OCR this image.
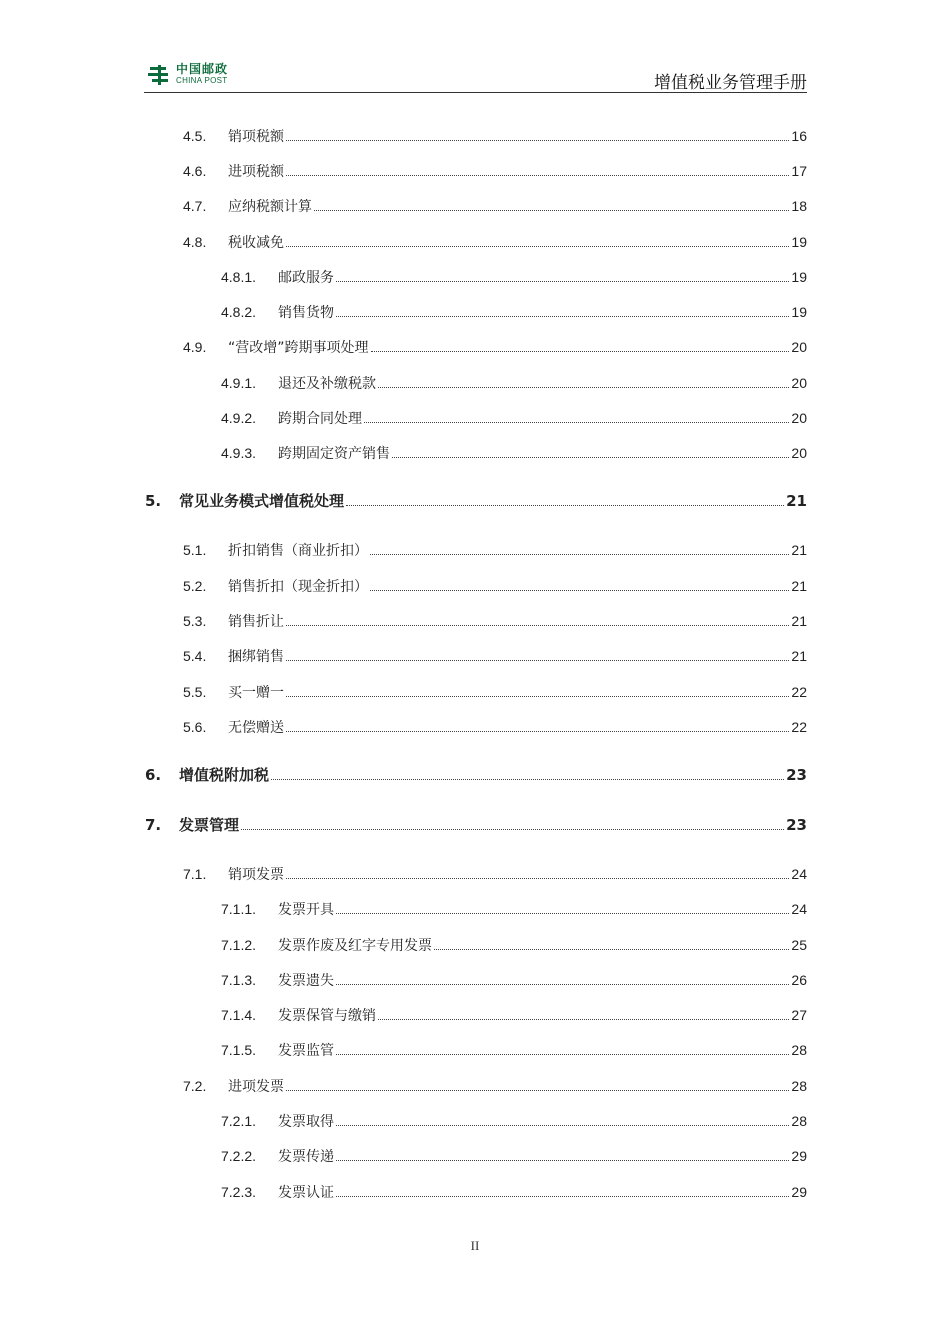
中国邮政
CHINA POST	增值税业务管理手册
4.5.	销项税额	16
4.6.	进项税额	17
4.7.	应纳税额计算	18
4.8.	税收减免	19
4.8.1.	邮政服务	19
4.8.2.	销售货物	19
4.9.	“营改增”跨期事项处理	20
4.9.1.	退还及补缴税款	20
4.9.2.	跨期合同处理	20
4.9.3.	跨期固定资产销售	20
5.	常见业务模式增值税处理	21
5.1.	折扣销售（商业折扣）	21
5.2.	销售折扣（现金折扣）	21
5.3.	销售折让	21
5.4.	捆绑销售	21
5.5.	买一赠一	22
5.6.	无偿赠送	22
6.	增值税附加税	23
7.	发票管理	23
7.1.	销项发票	24
7.1.1.	发票开具	24
7.1.2.	发票作废及红字专用发票	25
7.1.3.	发票遗失	26
7.1.4.	发票保管与缴销	27
7.1.5.	发票监管	28
7.2.	进项发票	28
7.2.1.	发票取得	28
7.2.2.	发票传递	29
7.2.3.	发票认证	29
II
